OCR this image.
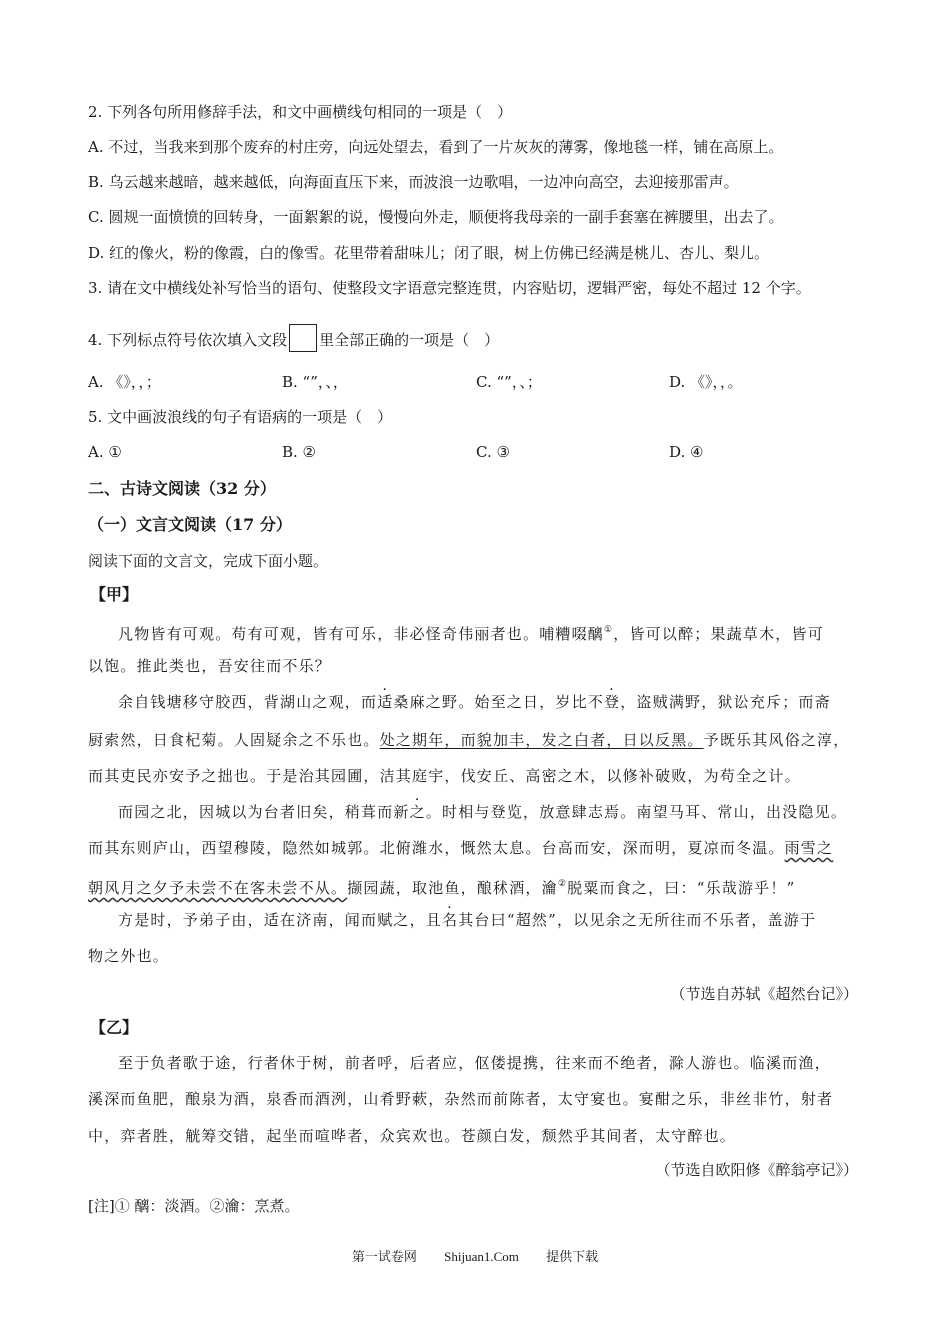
2. 下列各句所用修辞手法，和文中画横线句相同的一项是（　）
A. 不过，当我来到那个废弃的村庄旁，向远处望去，看到了一片灰灰的薄雾，像地毯一样，铺在高原上。
B. 乌云越来越暗，越来越低，向海面直压下来，而波浪一边歌唱，一边冲向高空，去迎接那雷声。
C. 圆规一面愤愤的回转身，一面絮絮的说，慢慢向外走，顺便将我母亲的一副手套塞在裤腰里，出去了。
D. 红的像火，粉的像霞，白的像雪。花里带着甜味儿；闭了眼，树上仿佛已经满是桃儿、杏儿、梨儿。
3. 请在文中横线处补写恰当的语句、使整段文字语意完整连贯，内容贴切，逻辑严密，每处不超过 12 个字。
4. 下列标点符号依次填入文段 里全部正确的一项是（　）
A. 《》，，；	B. “”，、，	C. “”，、；	D. 《》，，。
5. 文中画波浪线的句子有语病的一项是（　）
A. ①	B. ②	C. ③	D. ④
二、古诗文阅读（32 分）
（一）文言文阅读（17 分）
阅读下面的文言文，完成下面小题。
【甲】
凡物皆有可观。苟有可观，皆有可乐，非必怪奇伟丽者也。哺糟啜醨①，皆可以醉；果蔬草木，皆可
以饱。推此类也，吾安往而不乐？
余自钱塘移守胶西，背湖山之观，而适桑麻之野。始至之日，岁比不登，盗贼满野，狱讼充斥；而斋
厨索然，日食杞菊。人固疑余之不乐也。处之期年，而貌加丰，发之白者，日以反黑。予既乐其风俗之淳，
而其吏民亦安予之拙也。于是治其园圃，洁其庭宇，伐安丘、高密之木，以修补破败，为苟全之计。
而园之北，因城以为台者旧矣，稍葺而新之。时相与登览，放意肆志焉。南望马耳、常山，出没隐见。
而其东则庐山，西望穆陵，隐然如城郭。北俯潍水，慨然太息。台高而安，深而明，夏凉而冬温。雨雪之
朝风月之夕予未尝不在客未尝不从。撷园蔬，取池鱼，酿秫酒，瀹②脱粟而食之，曰：“乐哉游乎！”
方是时，予弟子由，适在济南，闻而赋之，且名其台曰“超然”，以见余之无所往而不乐者，盖游于
物之外也。
（节选自苏轼《超然台记》）
【乙】
至于负者歌于途，行者休于树，前者呼，后者应，伛偻提携，往来而不绝者，滁人游也。临溪而渔，
溪深而鱼肥，酿泉为酒，泉香而酒洌，山肴野蔌，杂然而前陈者，太守宴也。宴酣之乐，非丝非竹，射者
中，弈者胜，觥筹交错，起坐而喧哗者，众宾欢也。苍颜白发，颓然乎其间者，太守醉也。
（节选自欧阳修《醉翁亭记》）
[注]① 醨：淡酒。②瀹：烹煮。
第一试卷网 Shijuan1.Com 提供下载
